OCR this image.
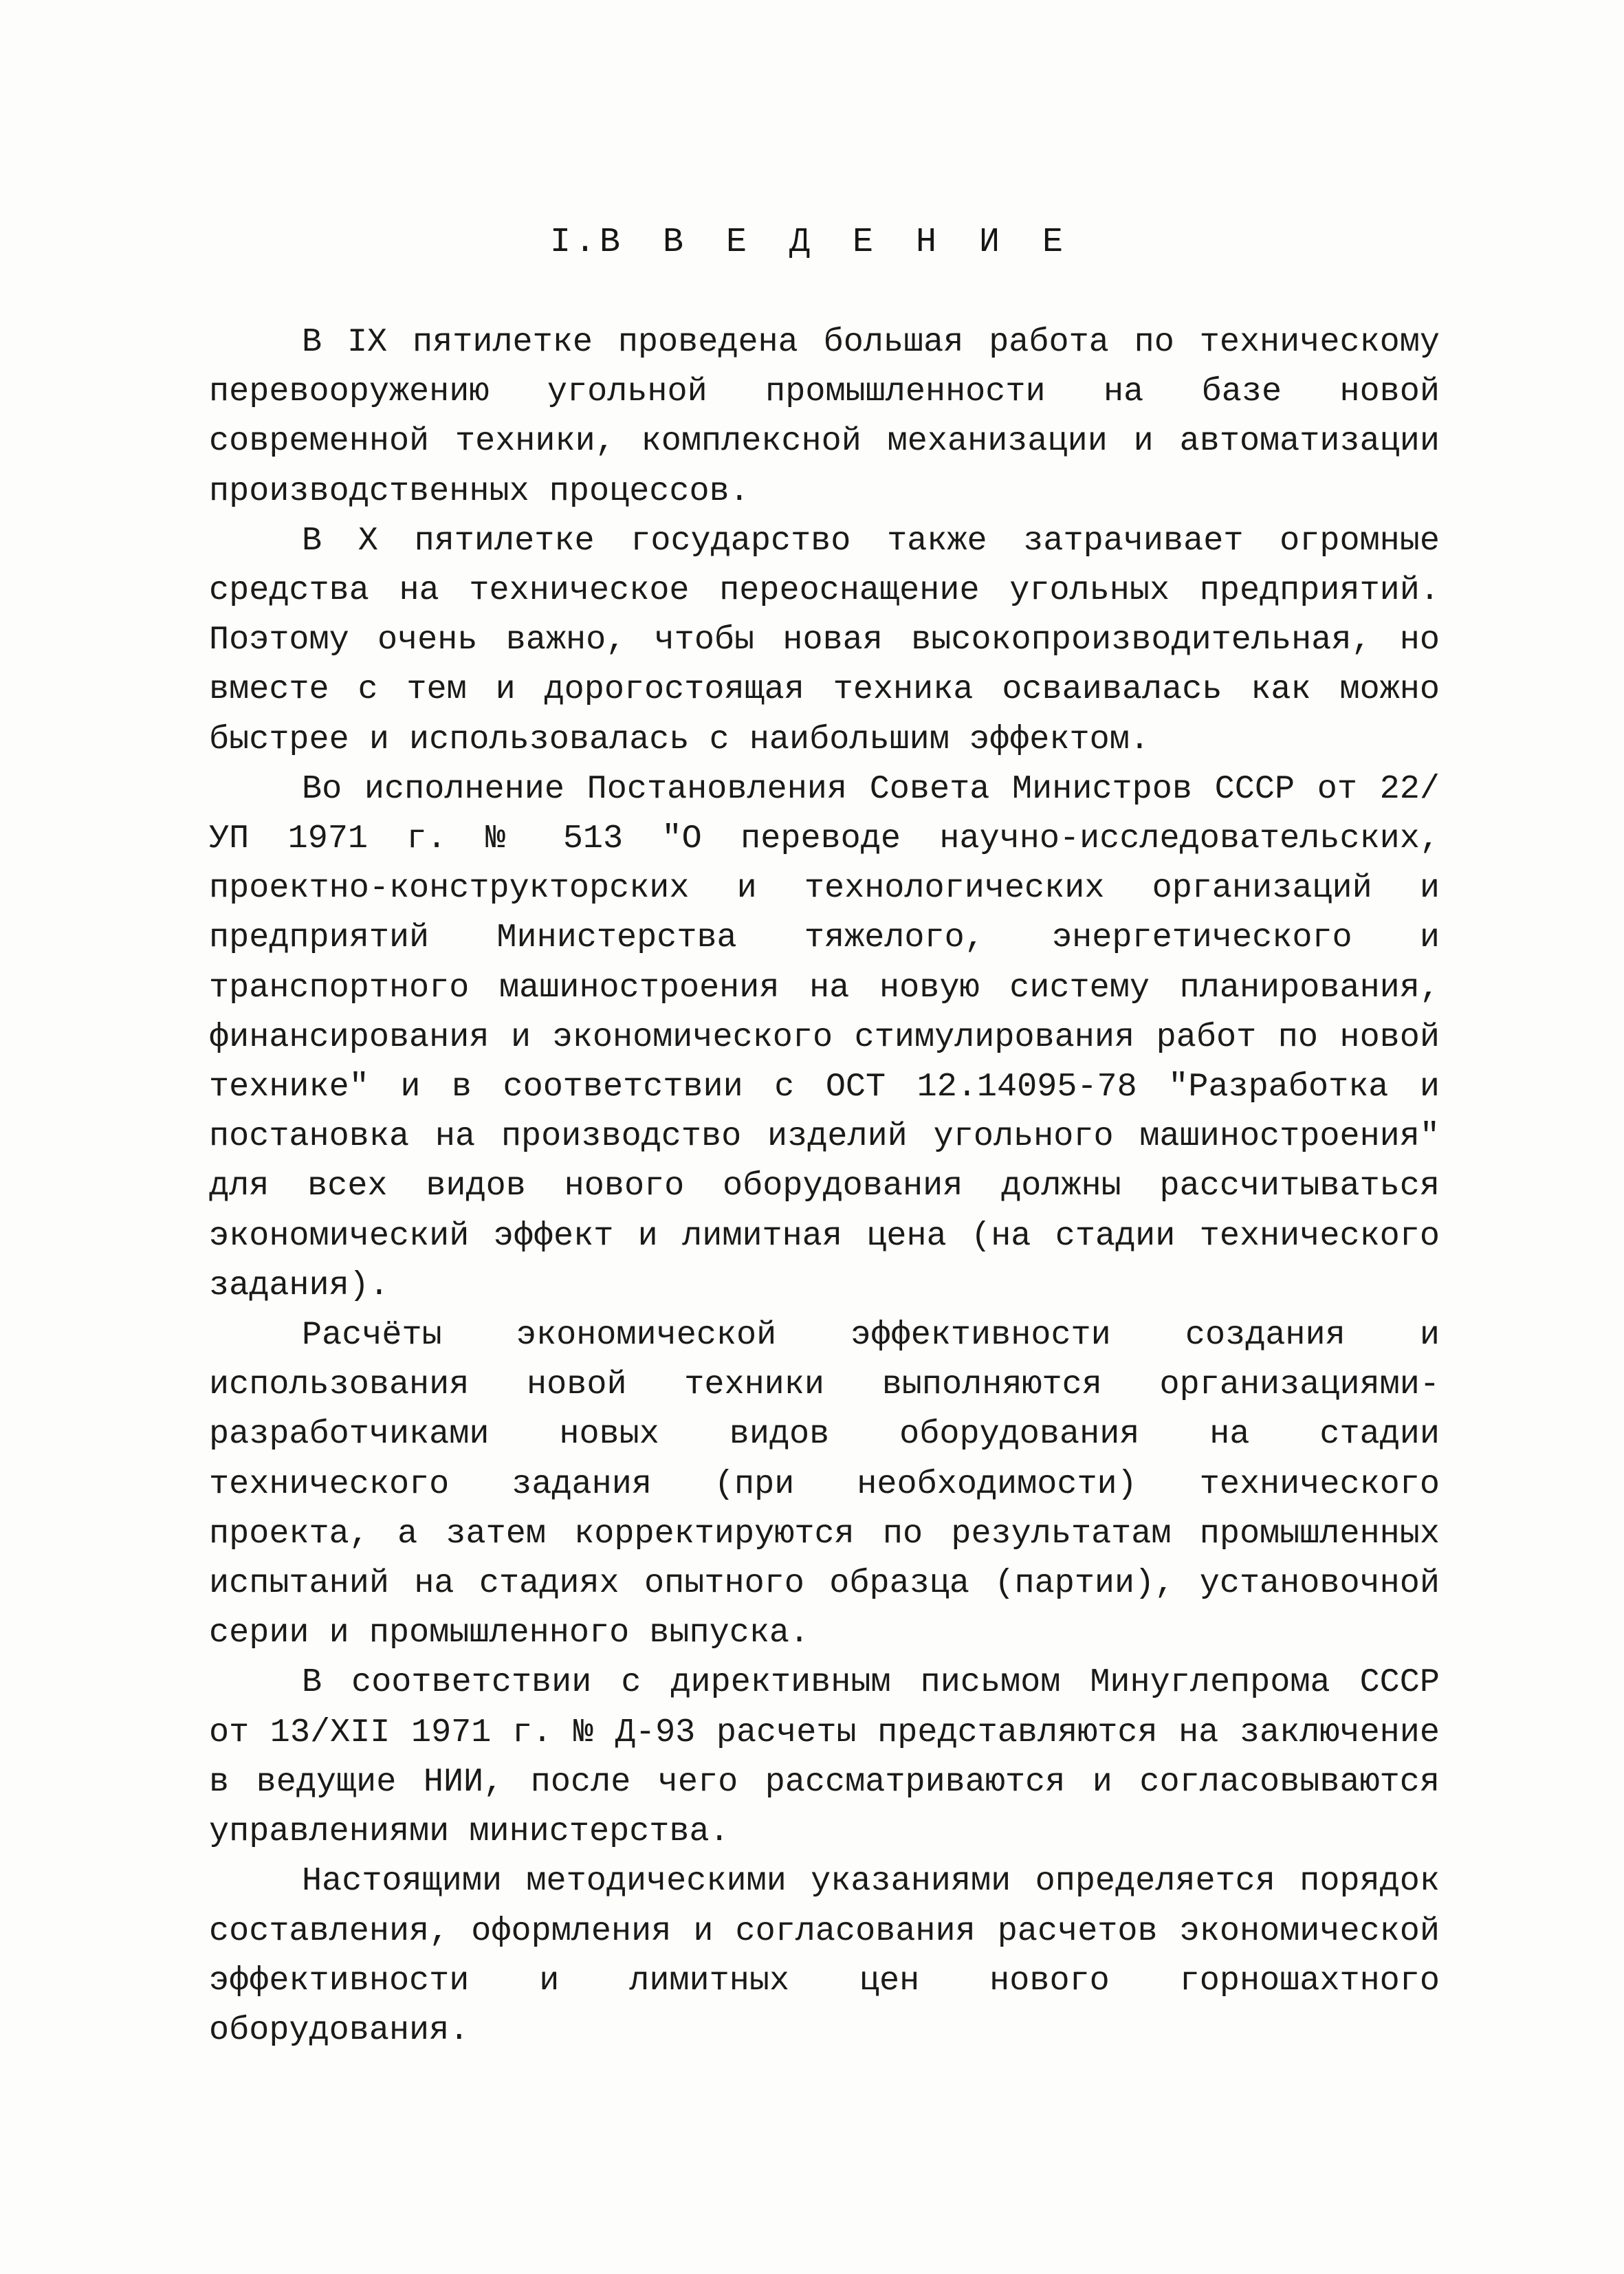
I.В В Е Д Е Н И Е

В IX пятилетке проведена большая работа по техническому перевооружению угольной промышленности на базе новой современной техники, комплексной механизации и автоматизации производственных процессов.

В X пятилетке государство также затрачивает огромные средства на техническое переоснащение угольных предприятий. Поэтому очень важно, чтобы новая высокопроизводительная, но вместе с тем и дорогостоящая техника осваивалась как можно быстрее и использовалась с наибольшим эффектом.

Во исполнение Постановления Совета Министров СССР от 22/УП 1971 г. № 513 "О переводе научно-исследовательских, проектно-конструкторских и технологических организаций и предприятий Министерства тяжелого, энергетического и транспортного машиностроения на новую систему планирования, финансирования и экономического стимулирования работ по новой технике" и в соответствии с ОСТ 12.14095-78 "Разработка и постановка на производство изделий угольного машиностроения" для всех видов нового оборудования должны рассчитываться экономический эффект и лимитная цена (на стадии технического задания).

Расчёты экономической эффективности создания и использования новой техники выполняются организациями-разработчиками новых видов оборудования на стадии технического задания (при необходимости) технического проекта, а затем корректируются по результатам промышленных испытаний на стадиях опытного образца (партии), установочной серии и промышленного выпуска.

В соответствии с директивным письмом Минуглепрома СССР от 13/XII 1971 г. № Д-93 расчеты представляются на заключение в ведущие НИИ, после чего рассматриваются и согласовываются управлениями министерства.

Настоящими методическими указаниями определяется порядок составления, оформления и согласования расчетов экономической эффективности и лимитных цен нового горношахтного оборудования.
